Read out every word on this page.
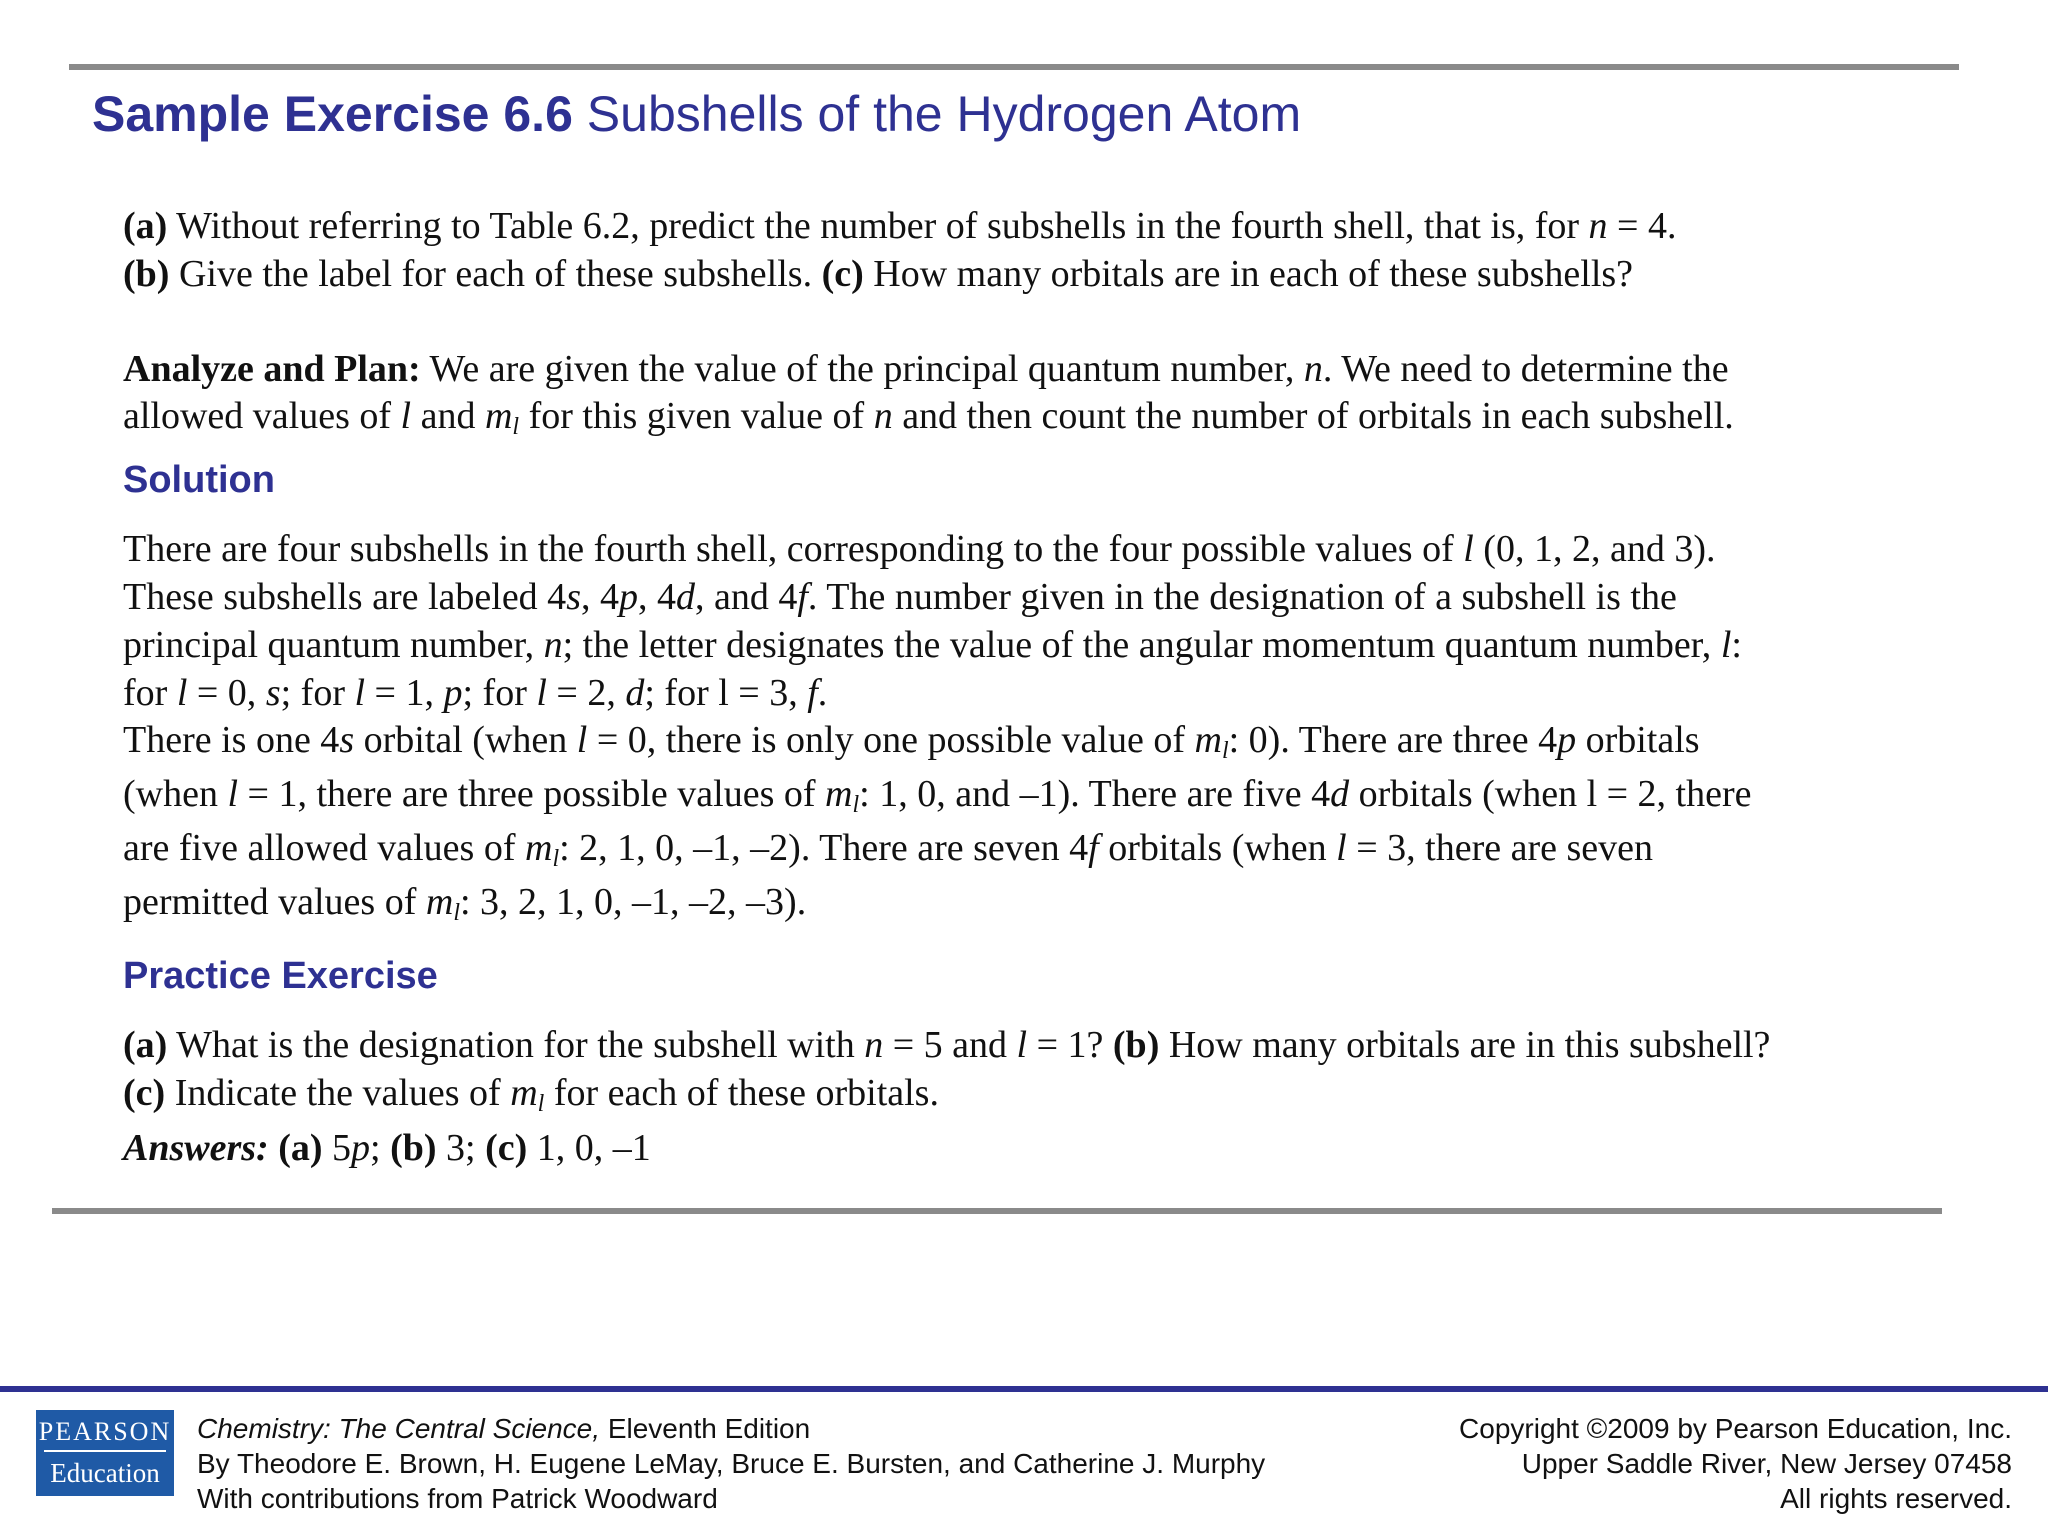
Sample Exercise 6.6 Subshells of the Hydrogen Atom
(a) Without referring to Table 6.2, predict the number of subshells in the fourth shell, that is, for n = 4.
(b) Give the label for each of these subshells. (c) How many orbitals are in each of these subshells?
Analyze and Plan: We are given the value of the principal quantum number, n. We need to determine the
allowed values of l and $m_l$ for this given value of n and then count the number of orbitals in each subshell.
Solution
There are four subshells in the fourth shell, corresponding to the four possible values of l (0, 1, 2, and 3).
These subshells are labeled 4s, 4p, 4d, and 4f. The number given in the designation of a subshell is the
principal quantum number, n; the letter designates the value of the angular momentum quantum number, l:
for l = 0, s; for l = 1, p; for l = 2, d; for l = 3, f.
There is one 4s orbital (when l = 0, there is only one possible value of $m_l$: 0). There are three 4p orbitals
(when l = 1, there are three possible values of $m_l$: 1, 0, and –1). There are five 4d orbitals (when l = 2, there
are five allowed values of $m_l$: 2, 1, 0, –1, –2). There are seven 4f orbitals (when l = 3, there are seven
permitted values of $m_l$: 3, 2, 1, 0, –1, –2, –3).
Practice Exercise
(a) What is the designation for the subshell with n = 5 and l = 1? (b) How many orbitals are in this subshell?
(c) Indicate the values of $m_l$ for each of these orbitals.
Answers: (a) 5p; (b) 3; (c) 1, 0, –1
PEARSON
Education
Chemistry: The Central Science, Eleventh Edition
By Theodore E. Brown, H. Eugene LeMay, Bruce E. Bursten, and Catherine J. Murphy
With contributions from Patrick Woodward
Copyright ©2009 by Pearson Education, Inc.
Upper Saddle River, New Jersey 07458
All rights reserved.
